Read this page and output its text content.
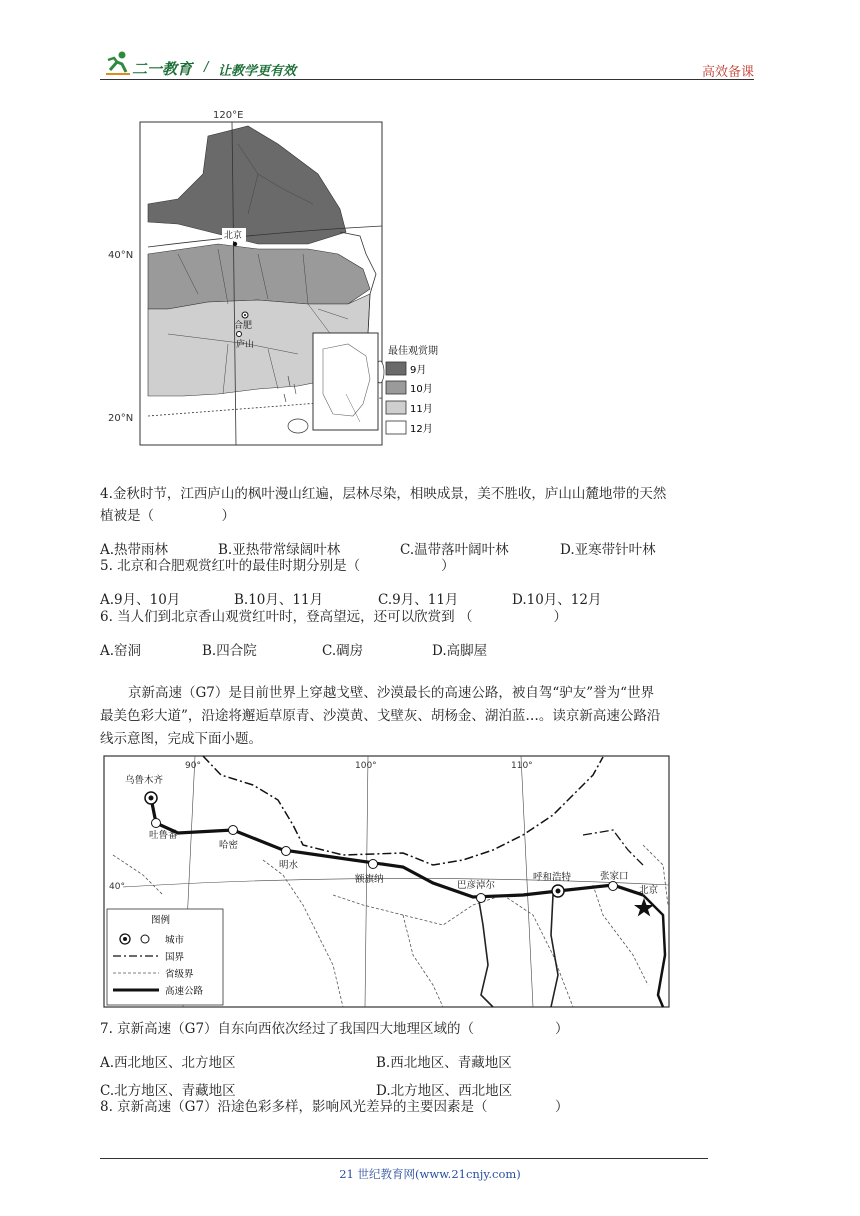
二一教育 / 让教学更有效	高效备课
120°E
40°N
20°N
北京
合肥
庐山
最佳观赏期
9月
10月
11月
12月
4.金秋时节，江西庐山的枫叶漫山红遍，层林尽染，相映成景，美不胜收，庐山山麓地带的天然
植被是（　　　　　）
A.热带雨林	B.亚热带常绿阔叶林	C.温带落叶阔叶林	D.亚寒带针叶林
5. 北京和合肥观赏红叶的最佳时期分别是（　　　　　　）
A.9月、10月	B.10月、11月	C.9月、11月	D.10月、12月
6. 当人们到北京香山观赏红叶时，登高望远，还可以欣赏到 （　　　　　　）
A.窑洞	B.四合院	C.碉房	D.高脚屋
京新高速（G7）是目前世界上穿越戈壁、沙漠最长的高速公路，被自驾“驴友”誉为“世界
最美色彩大道”，沿途将邂逅草原青、沙漠黄、戈壁灰、胡杨金、湖泊蓝…。读京新高速公路沿
线示意图，完成下面小题。
90°	100°	110°
40°
乌鲁木齐
吐鲁番
哈密
明水
额旗纳
巴彦淖尔
呼和浩特	张家口
北京
图例
城市
国界
省级界
高速公路
7. 京新高速（G7）自东向西依次经过了我国四大地理区域的（　　　　　　）
A.西北地区、北方地区	B.西北地区、青藏地区
C.北方地区、青藏地区	D.北方地区、西北地区
8. 京新高速（G7）沿途色彩多样，影响风光差异的主要因素是（　　　　　）
21 世纪教育网(www.21cnjy.com)
